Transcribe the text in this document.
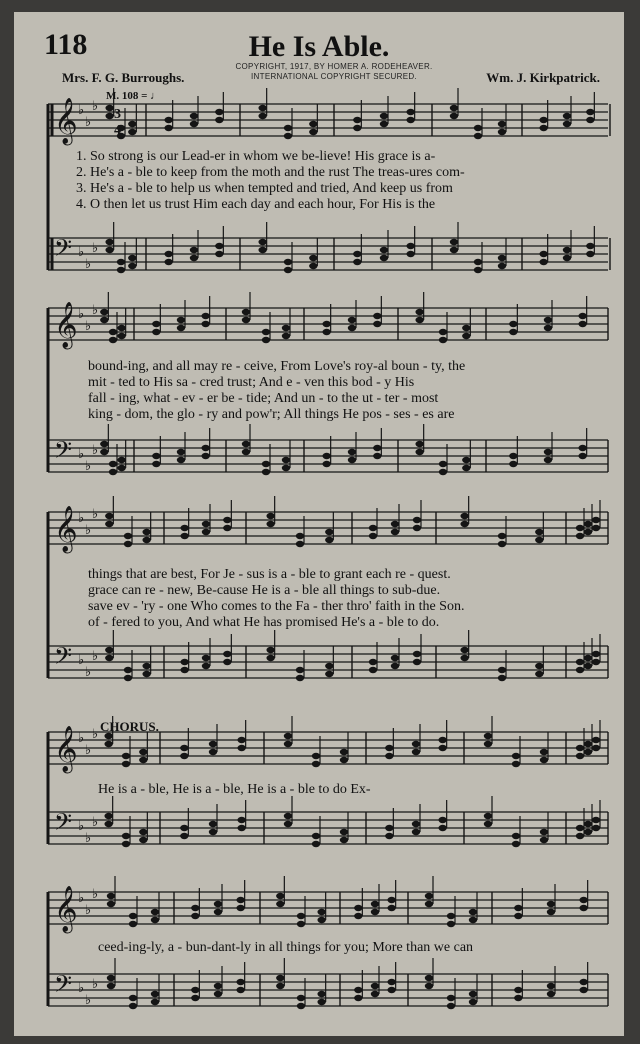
118	He Is Able.
COPYRIGHT, 1917, BY HOMER A. RODEHEAVER.
INTERNATIONAL COPYRIGHT SECURED.
Mrs. F. G. Burroughs.	Wm. J. Kirkpatrick.
M. 108 = ♩
𝄞 ♭
♭
♭
𝄢 ♭
♭
♭
𝄞 ♭
♭
♭
𝄢 ♭
♭
♭
𝄞 ♭
♭
♭
𝄢 ♭
♭
♭
𝄞 ♭
♭
♭
𝄢 ♭
♭
♭
𝄞 ♭
♭
♭
𝄢 ♭
♭
♭
3
4
1. So strong is our Lead-er in whom we be-lieve! His grace is a-
2. He's a - ble to keep from the moth and the rust The treas-ures com-
3. He's a - ble to help us when tempted and tried, And keep us from
4. O then let us trust Him each day and each hour, For His is the
bound-ing, and all may re - ceive, From Love's roy-al boun - ty, the
mit - ted to His sa - cred trust; And e - ven this bod - y His
fall - ing, what - ev - er be - tide; And un - to the ut - ter - most
king - dom, the glo - ry and pow'r; All things He pos - ses - es are
things that are best, For Je - sus is a - ble to grant each re - quest.
grace can re - new, Be-cause He is a - ble all things to sub-due.
save ev - 'ry - one Who comes to the Fa - ther thro' faith in the Son.
of - fered to you, And what He has promised He's a - ble to do.
CHORUS.
He is a - ble, He is a - ble, He is a - ble to do Ex-
ceed-ing-ly, a - bun-dant-ly in all things for you; More than we can
